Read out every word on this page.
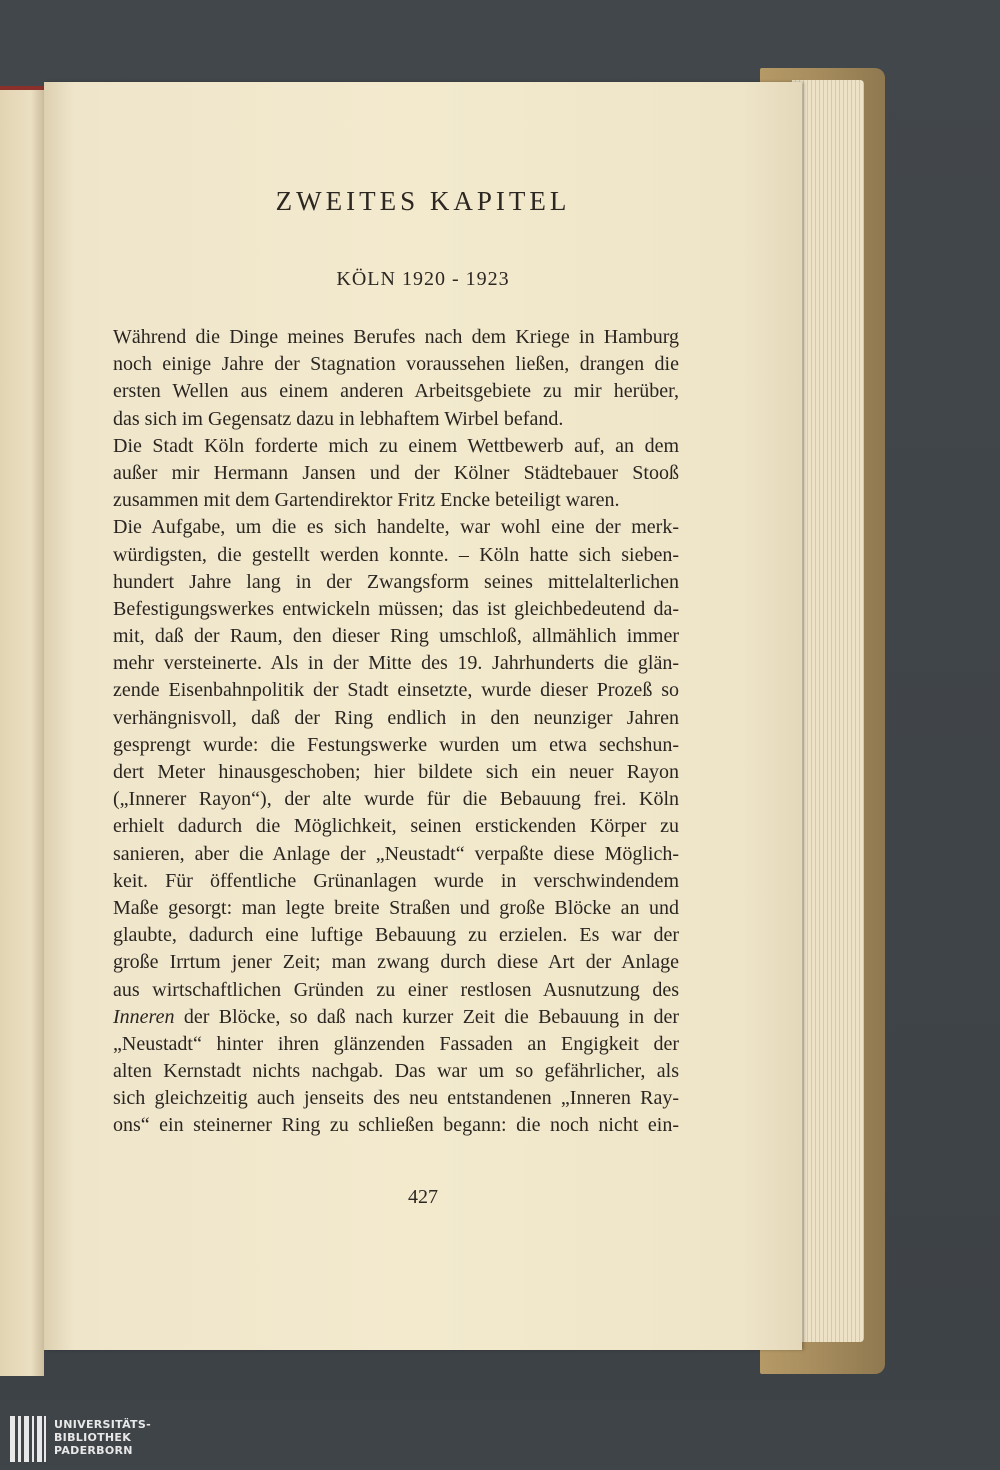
ZWEITES KAPITEL
KÖLN 1920 - 1923
Während die Dinge meines Berufes nach dem Kriege in Hamburg
noch einige Jahre der Stagnation voraussehen ließen, drangen die
ersten Wellen aus einem anderen Arbeitsgebiete zu mir herüber,
das sich im Gegensatz dazu in lebhaftem Wirbel befand.
Die Stadt Köln forderte mich zu einem Wettbewerb auf, an dem
außer mir Hermann Jansen und der Kölner Städtebauer Stooß
zusammen mit dem Gartendirektor Fritz Encke beteiligt waren.
Die Aufgabe, um die es sich handelte, war wohl eine der merk-
würdigsten, die gestellt werden konnte. – Köln hatte sich sieben-
hundert Jahre lang in der Zwangsform seines mittelalterlichen
Befestigungswerkes entwickeln müssen; das ist gleichbedeutend da-
mit, daß der Raum, den dieser Ring umschloß, allmählich immer
mehr versteinerte. Als in der Mitte des 19. Jahrhunderts die glän-
zende Eisenbahnpolitik der Stadt einsetzte, wurde dieser Prozeß so
verhängnisvoll, daß der Ring endlich in den neunziger Jahren
gesprengt wurde: die Festungswerke wurden um etwa sechshun-
dert Meter hinausgeschoben; hier bildete sich ein neuer Rayon
(„Innerer Rayon“), der alte wurde für die Bebauung frei. Köln
erhielt dadurch die Möglichkeit, seinen erstickenden Körper zu
sanieren, aber die Anlage der „Neustadt“ verpaßte diese Möglich-
keit. Für öffentliche Grünanlagen wurde in verschwindendem
Maße gesorgt: man legte breite Straßen und große Blöcke an und
glaubte, dadurch eine luftige Bebauung zu erzielen. Es war der
große Irrtum jener Zeit; man zwang durch diese Art der Anlage
aus wirtschaftlichen Gründen zu einer restlosen Ausnutzung des
Inneren der Blöcke, so daß nach kurzer Zeit die Bebauung in der
„Neustadt“ hinter ihren glänzenden Fassaden an Engigkeit der
alten Kernstadt nichts nachgab. Das war um so gefährlicher, als
sich gleichzeitig auch jenseits des neu entstandenen „Inneren Ray-
ons“ ein steinerner Ring zu schließen begann: die noch nicht ein-
427
UNIVERSITÄTS-
BIBLIOTHEK
PADERBORN
